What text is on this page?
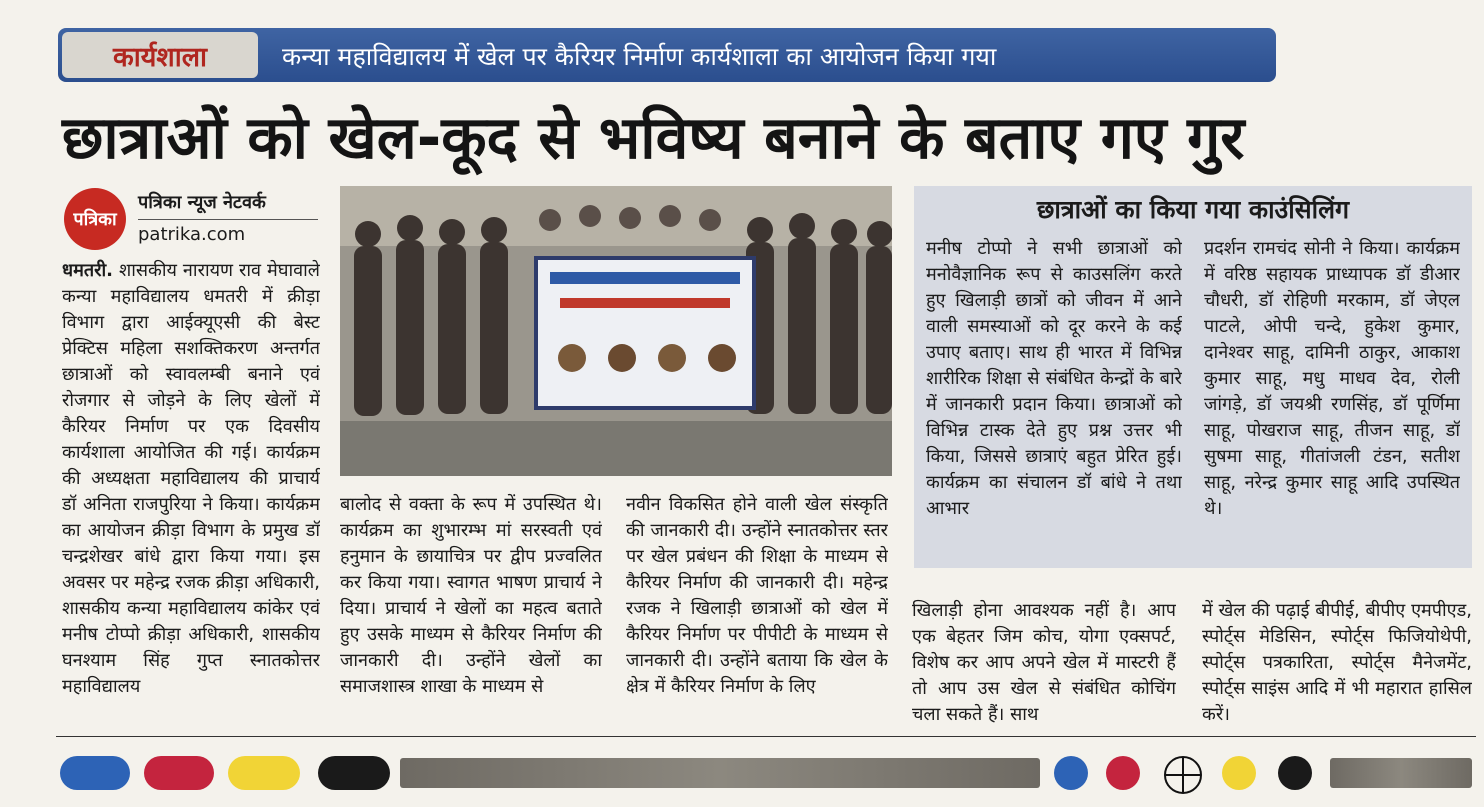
कार्यशाला	कन्या महाविद्यालय में खेल पर कैरियर निर्माण कार्यशाला का आयोजन किया गया
छात्राओं को खेल-कूद से भविष्य बनाने के बताए गए गुर
पत्रिका
पत्रिका न्यूज नेटवर्क
patrika.com
धमतरी. शासकीय नारायण राव मेघावाले कन्या महाविद्यालय धमतरी में क्रीड़ा विभाग द्वारा आईक्यूएसी की बेस्ट प्रेक्टिस महिला सशक्तिकरण अन्तर्गत छात्राओं को स्वावलम्बी बनाने एवं रोजगार से जोड़ने के लिए खेलों में कैरियर निर्माण पर एक दिवसीय कार्यशाला आयोजित की गई। कार्यक्रम की अध्यक्षता महाविद्यालय की प्राचार्य डॉ अनिता राजपुरिया ने किया। कार्यक्रम का आयोजन क्रीड़ा विभाग के प्रमुख डॉ चन्द्रशेखर बांधे द्वारा किया गया। इस अवसर पर महेन्द्र रजक क्रीड़ा अधिकारी, शासकीय कन्या महाविद्यालय कांकेर एवं मनीष टोप्पो क्रीड़ा अधिकारी, शासकीय घनश्याम सिंह गुप्त स्नातकोत्तर महाविद्यालय
बालोद से वक्ता के रूप में उपस्थित थे। कार्यक्रम का शुभारम्भ मां सरस्वती एवं हनुमान के छायाचित्र पर द्वीप प्रज्वलित कर किया गया। स्वागत भाषण प्राचार्य ने दिया। प्राचार्य ने खेलों का महत्व बताते हुए उसके माध्यम से कैरियर निर्माण की जानकारी दी। उन्होंने खेलों का समाजशास्त्र शाखा के माध्यम से
नवीन विकसित होने वाली खेल संस्कृति की जानकारी दी। उन्होंने स्नातकोत्तर स्तर पर खेल प्रबंधन की शिक्षा के माध्यम से कैरियर निर्माण की जानकारी दी। महेन्द्र रजक ने खिलाड़ी छात्राओं को खेल में कैरियर निर्माण पर पीपीटी के माध्यम से जानकारी दी। उन्होंने बताया कि खेल के क्षेत्र में कैरियर निर्माण के लिए
छात्राओं का किया गया काउंसिलिंग
मनीष टोप्पो ने सभी छात्राओं को मनोवैज्ञानिक रूप से काउसलिंग करते हुए खिलाड़ी छात्रों को जीवन में आने वाली समस्याओं को दूर करने के कई उपाए बताए। साथ ही भारत में विभिन्न शारीरिक शिक्षा से संबंधित केन्द्रों के बारे में जानकारी प्रदान किया। छात्राओं को विभिन्न टास्क देते हुए प्रश्न उत्तर भी किया, जिससे छात्राएं बहुत प्रेरित हुई। कार्यक्रम का संचालन डॉ बांधे ने तथा आभार
प्रदर्शन रामचंद सोनी ने किया। कार्यक्रम में वरिष्ठ सहायक प्राध्यापक डॉ डीआर चौधरी, डॉ रोहिणी मरकाम, डॉ जेएल पाटले, ओपी चन्दे, हुकेश कुमार, दानेश्वर साहू, दामिनी ठाकुर, आकाश कुमार साहू, मधु माधव देव, रोली जांगड़े, डॉ जयश्री रणसिंह, डॉ पूर्णिमा साहू, पोखराज साहू, तीजन साहू, डॉ सुषमा साहू, गीतांजली टंडन, सतीश साहू, नरेन्द्र कुमार साहू आदि उपस्थित थे।
खिलाड़ी होना आवश्यक नहीं है। आप एक बेहतर जिम कोच, योगा एक्सपर्ट, विशेष कर आप अपने खेल में मास्टरी हैं तो आप उस खेल से संबंधित कोचिंग चला सकते हैं। साथ
में खेल की पढ़ाई बीपीई, बीपीए एमपीएड, स्पोर्ट्स मेडिसिन, स्पोर्ट्स फिजियोथेपी, स्पोर्ट्स पत्रकारिता, स्पोर्ट्स मैनेजमेंट, स्पोर्ट्स साइंस आदि में भी महारात हासिल करें।
